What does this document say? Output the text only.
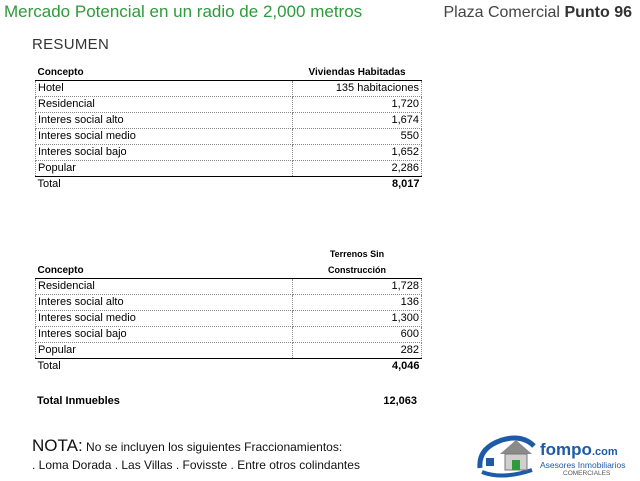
Mercado Potencial en un radio de 2,000 metros	Plaza Comercial Punto 96
RESUMEN
Concepto	Viviendas Habitadas
Hotel	135 habitaciones
Residencial	1,720
Interes social alto	1,674
Interes social medio	550
Interes social bajo	1,652
Popular	2,286
Total	8,017
Concepto	Terrenos Sin
Construcción
Residencial	1,728
Interes social alto	136
Interes social medio	1,300
Interes social bajo	600
Popular	282
Total	4,046
Total Inmuebles	12,063
NOTA: No se incluyen los siguientes Fraccionamientos:
. Loma Dorada . Las Villas . Fovisste . Entre otros colindantes
fompo.com
Asesores Inmobiliarios
COMERCIALES
